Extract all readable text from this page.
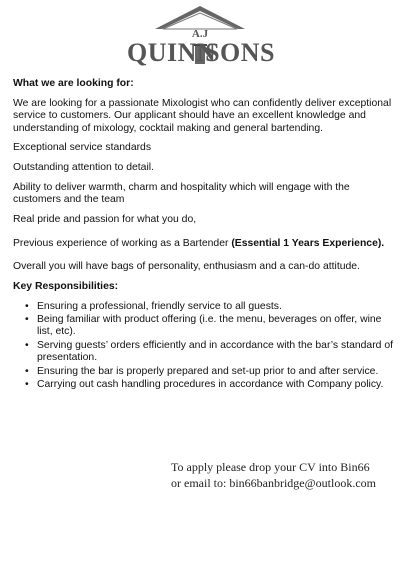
A.J
QUINN
SONS
What we are looking for:
We are looking for a passionate Mixologist who can confidently deliver exceptional service to customers. Our applicant should have an excellent knowledge and understanding of mixology, cocktail making and general bartending.
Exceptional service standards
Outstanding attention to detail.
Ability to deliver warmth, charm and hospitality which will engage with the customers and the team
Real pride and passion for what you do,
Previous experience of working as a Bartender (Essential 1 Years Experience).
Overall you will have bags of personality, enthusiasm and a can-do attitude.
Key Responsibilities:
• Ensuring a professional, friendly service to all guests.
• Being familiar with product offering (i.e. the menu, beverages on offer, wine list, etc).
• Serving guests’ orders efficiently and in accordance with the bar’s standard of presentation.
• Ensuring the bar is properly prepared and set-up prior to and after service.
• Carrying out cash handling procedures in accordance with Company policy.
To apply please drop your CV into Bin66
or email to: bin66banbridge@outlook.com
